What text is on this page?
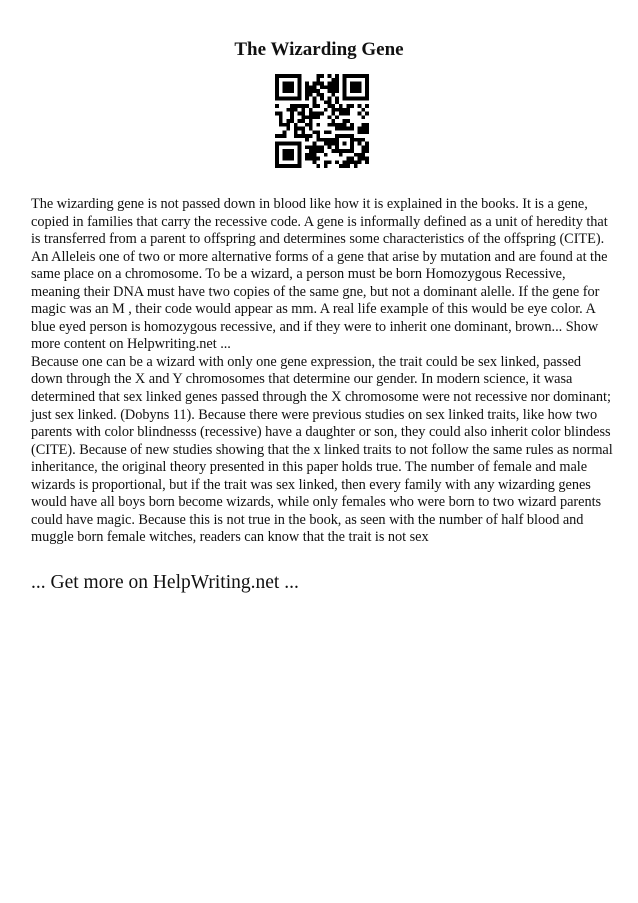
The Wizarding Gene

The wizarding gene is not passed down in blood like how it is explained in the books. It is a gene, copied in families that carry the recessive code. A gene is informally defined as a unit of heredity that is transferred from a parent to offspring and determines some characteristics of the offspring (CITE). An Alleleis one of two or more alternative forms of a gene that arise by mutation and are found at the same place on a chromosome. To be a wizard, a person must be born Homozygous Recessive, meaning their DNA must have two copies of the same gne, but not a dominant alelle. If the gene for magic was an M , their code would appear as mm. A real life example of this would be eye color. A blue eyed person is homozygous recessive, and if they were to inherit one dominant, brown... Show more content on Helpwriting.net ...

Because one can be a wizard with only one gene expression, the trait could be sex linked, passed down through the X and Y chromosomes that determine our gender. In modern science, it wasa determined that sex linked genes passed through the X chromosome were not recessive nor dominant; just sex linked. (Dobyns 11). Because there were previous studies on sex linked traits, like how two parents with color blindnesss (recessive) have a daughter or son, they could also inherit color blindess (CITE). Because of new studies showing that the x linked traits to not follow the same rules as normal inheritance, the original theory presented in this paper holds true. The number of female and male wizards is proportional, but if the trait was sex linked, then every family with any wizarding genes would have all boys born become wizards, while only females who were born to two wizard parents could have magic. Because this is not true in the book, as seen with the number of half blood and muggle born female witches, readers can know that the trait is not sex

... Get more on HelpWriting.net ...
